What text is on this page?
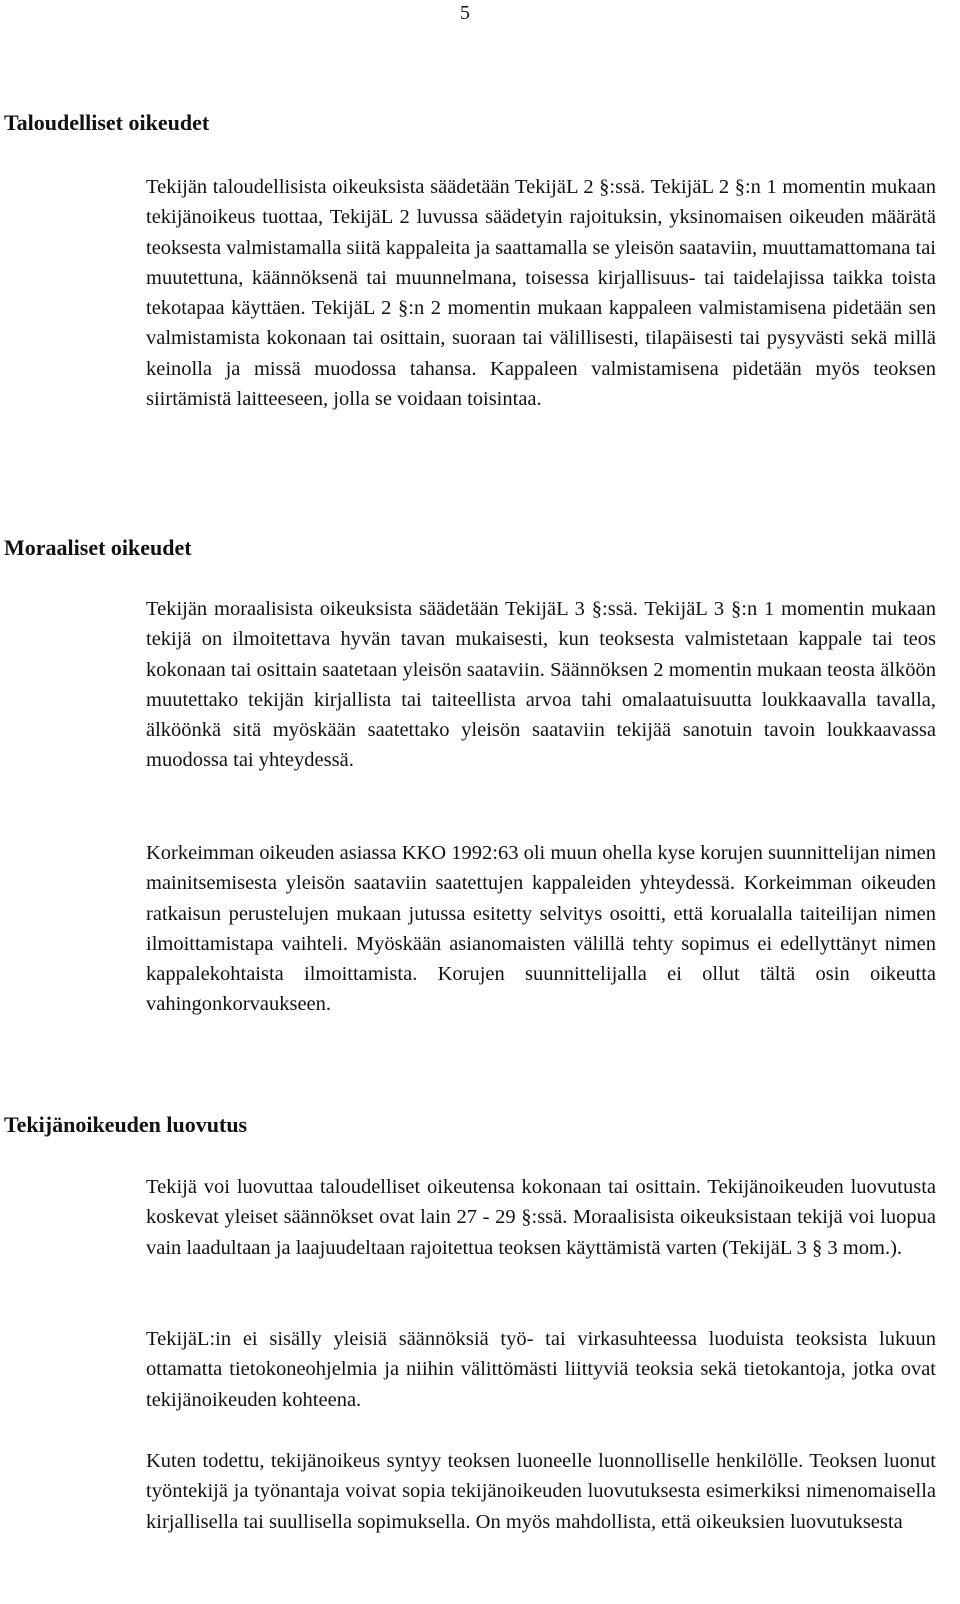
5
Taloudelliset oikeudet

Tekijän taloudellisista oikeuksista säädetään TekijäL 2 §:ssä. TekijäL 2 §:n 1 momentin mukaan tekijänoikeus tuottaa, TekijäL 2 luvussa säädetyin rajoituksin, yksinomaisen oikeuden määrätä teoksesta valmistamalla siitä kappaleita ja saattamalla se yleisön saataviin, muuttamattomana tai muutettuna, käännöksenä tai muunnelmana, toisessa kirjallisuus- tai taidelajissa taikka toista tekotapaa käyttäen. TekijäL 2 §:n 2 momentin mukaan kappaleen valmistamisena pidetään sen valmistamista kokonaan tai osittain, suoraan tai välillisesti, tilapäisesti tai pysyvästi sekä millä keinolla ja missä muodossa tahansa. Kappaleen valmistamisena pidetään myös teoksen siirtämistä laitteeseen, jolla se voidaan toisintaa.

Moraaliset oikeudet

Tekijän moraalisista oikeuksista säädetään TekijäL 3 §:ssä. TekijäL 3 §:n 1 momentin mukaan tekijä on ilmoitettava hyvän tavan mukaisesti, kun teoksesta valmistetaan kappale tai teos kokonaan tai osittain saatetaan yleisön saataviin. Säännöksen 2 momentin mukaan teosta älköön muutettako tekijän kirjallista tai taiteellista arvoa tahi omalaatuisuutta loukkaavalla tavalla, älköönkä sitä myöskään saatettako yleisön saataviin tekijää sanotuin tavoin loukkaavassa muodossa tai yhteydessä.

Korkeimman oikeuden asiassa KKO 1992:63 oli muun ohella kyse korujen suunnittelijan nimen mainitsemisesta yleisön saataviin saatettujen kappaleiden yhteydessä. Korkeimman oikeuden ratkaisun perustelujen mukaan jutussa esitetty selvitys osoitti, että korualalla taiteilijan nimen ilmoittamistapa vaihteli. Myöskään asianomaisten välillä tehty sopimus ei edellyttänyt nimen kappalekohtaista ilmoittamista. Korujen suunnittelijalla ei ollut tältä osin oikeutta vahingonkorvaukseen.

Tekijänoikeuden luovutus

Tekijä voi luovuttaa taloudelliset oikeutensa kokonaan tai osittain. Tekijänoikeuden luovutusta koskevat yleiset säännökset ovat lain 27 - 29 §:ssä. Moraalisista oikeuksistaan tekijä voi luopua vain laadultaan ja laajuudeltaan rajoitettua teoksen käyttämistä varten (TekijäL 3 § 3 mom.).

TekijäL:in ei sisälly yleisiä säännöksiä työ- tai virkasuhteessa luoduista teoksista lukuun ottamatta tietokoneohjelmia ja niihin välittömästi liittyviä teoksia sekä tietokantoja, jotka ovat tekijänoikeuden kohteena.

Kuten todettu, tekijänoikeus syntyy teoksen luoneelle luonnolliselle henkilölle. Teoksen luonut työntekijä ja työnantaja voivat sopia tekijänoikeuden luovutuksesta esimerkiksi nimenomaisella kirjallisella tai suullisella sopimuksella. On myös mahdollista, että oikeuksien luovutuksesta
